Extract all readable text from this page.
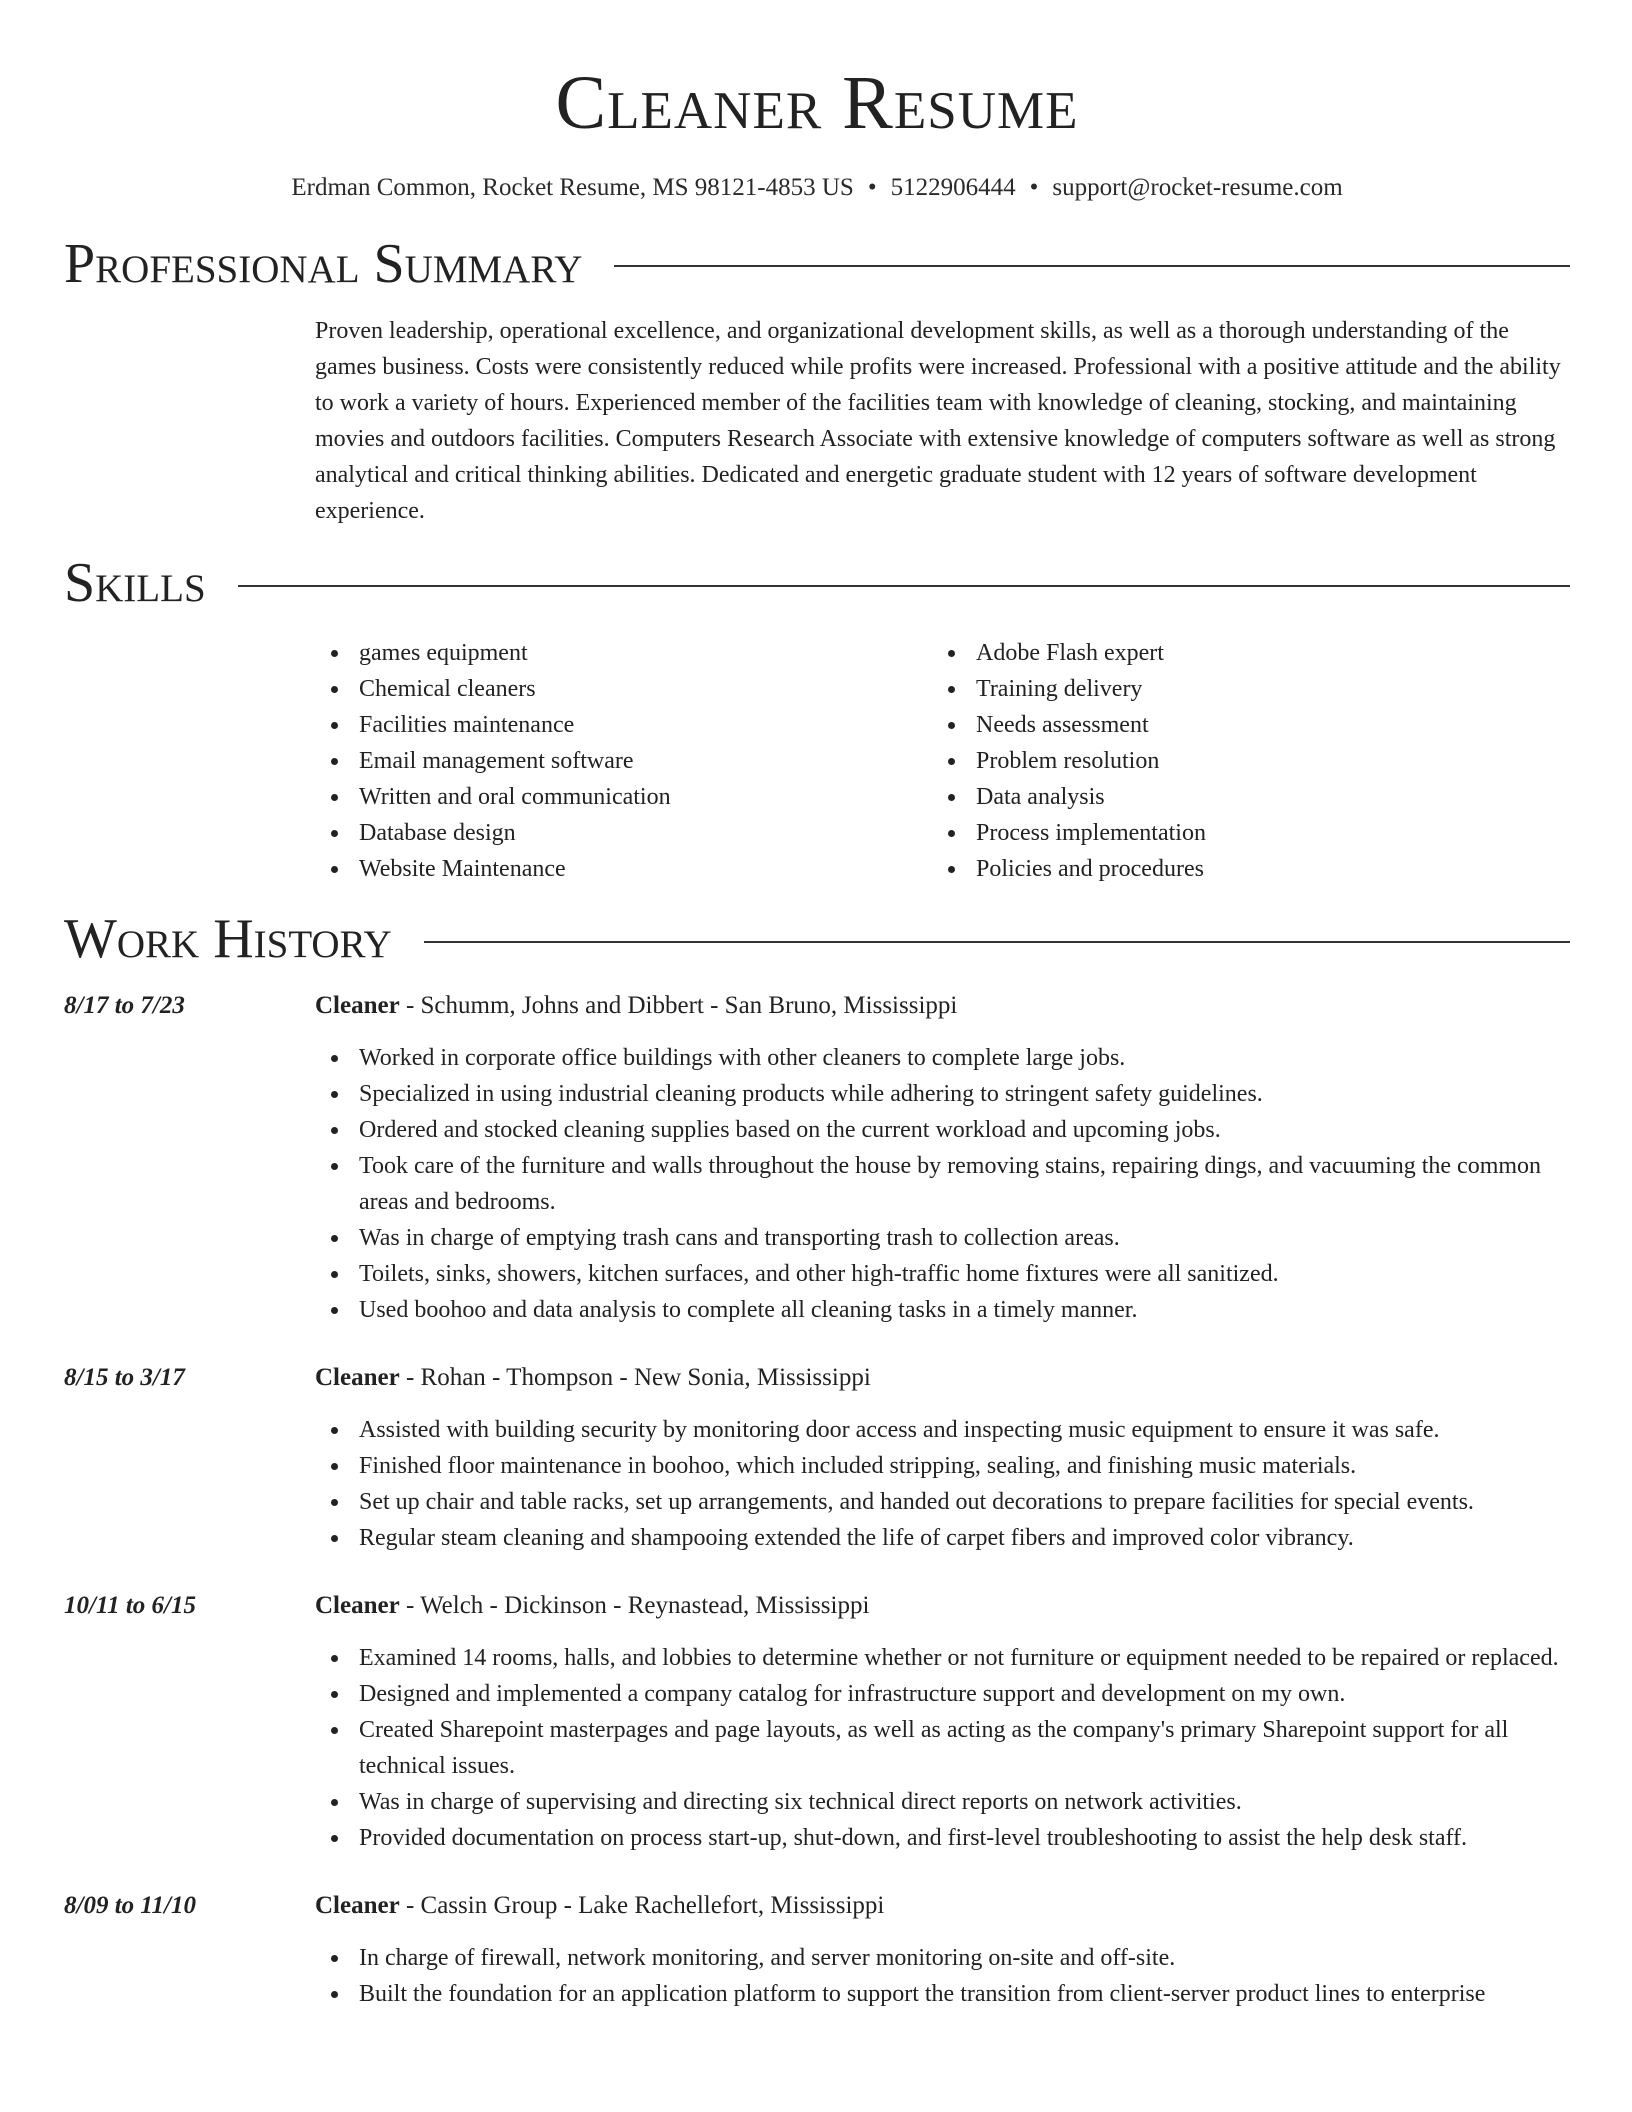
Cleaner Resume
Erdman Common, Rocket Resume, MS 98121-4853 US • 5122906444 • support@rocket-resume.com
Professional Summary

Proven leadership, operational excellence, and organizational development skills, as well as a thorough understanding of the games business. Costs were consistently reduced while profits were increased. Professional with a positive attitude and the ability to work a variety of hours. Experienced member of the facilities team with knowledge of cleaning, stocking, and maintaining movies and outdoors facilities. Computers Research Associate with extensive knowledge of computers software as well as strong analytical and critical thinking abilities. Dedicated and energetic graduate student with 12 years of software development experience.

Skills
games equipment
Chemical cleaners
Facilities maintenance
Email management software
Written and oral communication
Database design
Website Maintenance
Adobe Flash expert
Training delivery
Needs assessment
Problem resolution
Data analysis
Process implementation
Policies and procedures
Work History
8/17 to 7/23	Cleaner - Schumm, Johns and Dibbert - San Bruno, Mississippi
Worked in corporate office buildings with other cleaners to complete large jobs.
Specialized in using industrial cleaning products while adhering to stringent safety guidelines.
Ordered and stocked cleaning supplies based on the current workload and upcoming jobs.
Took care of the furniture and walls throughout the house by removing stains, repairing dings, and vacuuming the common areas and bedrooms.
Was in charge of emptying trash cans and transporting trash to collection areas.
Toilets, sinks, showers, kitchen surfaces, and other high-traffic home fixtures were all sanitized.
Used boohoo and data analysis to complete all cleaning tasks in a timely manner.
8/15 to 3/17	Cleaner - Rohan - Thompson - New Sonia, Mississippi
Assisted with building security by monitoring door access and inspecting music equipment to ensure it was safe.
Finished floor maintenance in boohoo, which included stripping, sealing, and finishing music materials.
Set up chair and table racks, set up arrangements, and handed out decorations to prepare facilities for special events.
Regular steam cleaning and shampooing extended the life of carpet fibers and improved color vibrancy.
10/11 to 6/15	Cleaner - Welch - Dickinson - Reynastead, Mississippi
Examined 14 rooms, halls, and lobbies to determine whether or not furniture or equipment needed to be repaired or replaced.
Designed and implemented a company catalog for infrastructure support and development on my own.
Created Sharepoint masterpages and page layouts, as well as acting as the company's primary Sharepoint support for all technical issues.
Was in charge of supervising and directing six technical direct reports on network activities.
Provided documentation on process start-up, shut-down, and first-level troubleshooting to assist the help desk staff.
8/09 to 11/10	Cleaner - Cassin Group - Lake Rachellefort, Mississippi
In charge of firewall, network monitoring, and server monitoring on-site and off-site.
Built the foundation for an application platform to support the transition from client-server product lines to enterprise
